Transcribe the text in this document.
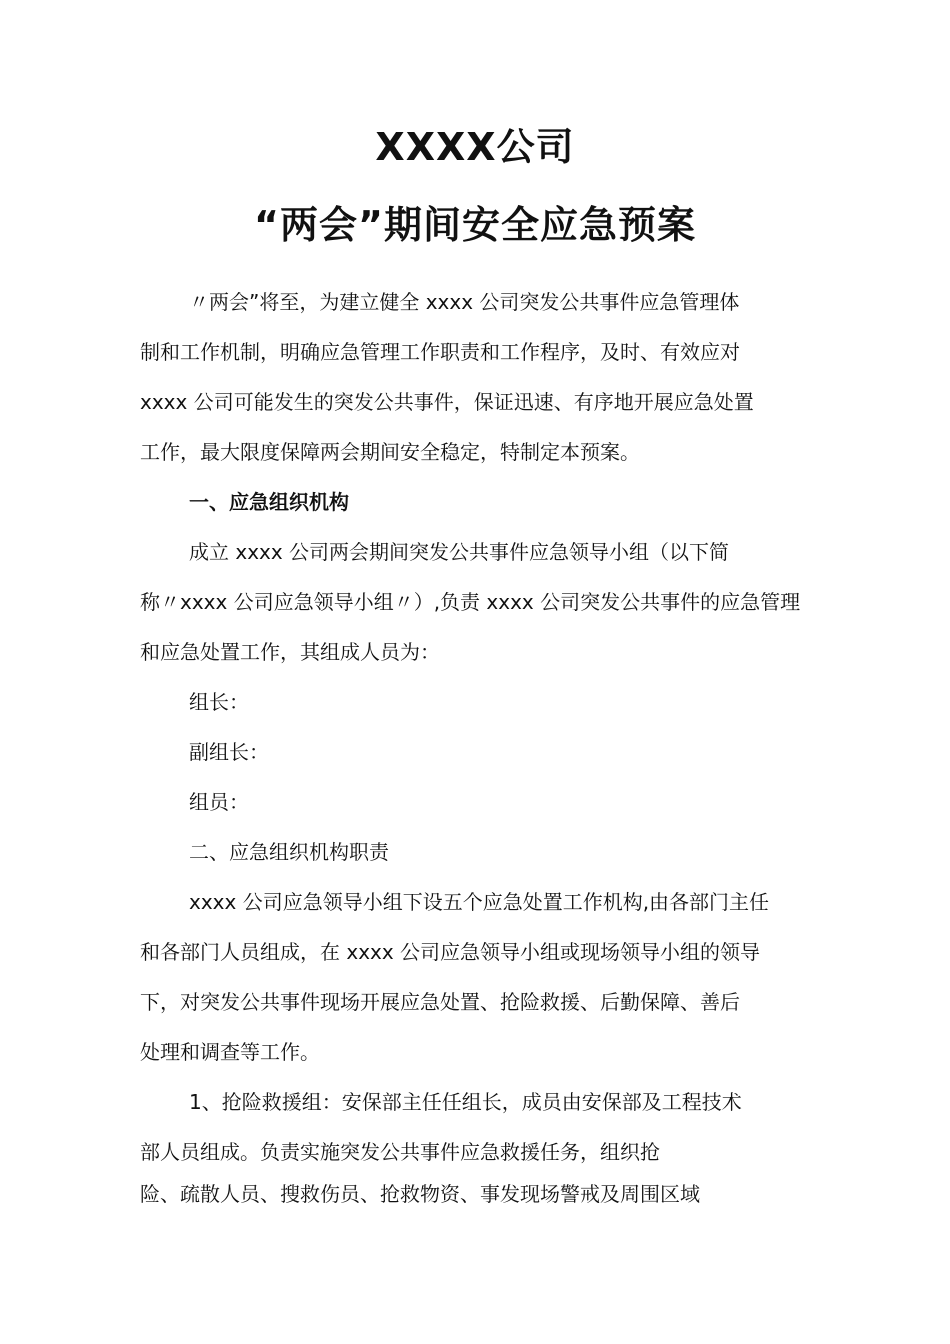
XXXX公司
“两会”期间安全应急预案
〃两会”将至，为建立健全 xxxx 公司突发公共事件应急管理体
制和工作机制，明确应急管理工作职责和工作程序，及时、有效应对
xxxx 公司可能发生的突发公共事件，保证迅速、有序地开展应急处置
工作，最大限度保障两会期间安全稳定，特制定本预案。
一、应急组织机构
成立 xxxx 公司两会期间突发公共事件应急领导小组（以下简
称〃xxxx 公司应急领导小组〃）,负责 xxxx 公司突发公共事件的应急管理
和应急处置工作，其组成人员为：
组长：
副组长：
组员：
二、应急组织机构职责
xxxx 公司应急领导小组下设五个应急处置工作机构,由各部门主任
和各部门人员组成，在 xxxx 公司应急领导小组或现场领导小组的领导
下，对突发公共事件现场开展应急处置、抢险救援、后勤保障、善后
处理和调查等工作。
1、抢险救援组：安保部主任任组长，成员由安保部及工程技术
部人员组成。负责实施突发公共事件应急救援任务，组织抢
险、疏散人员、搜救伤员、抢救物资、事发现场警戒及周围区域
